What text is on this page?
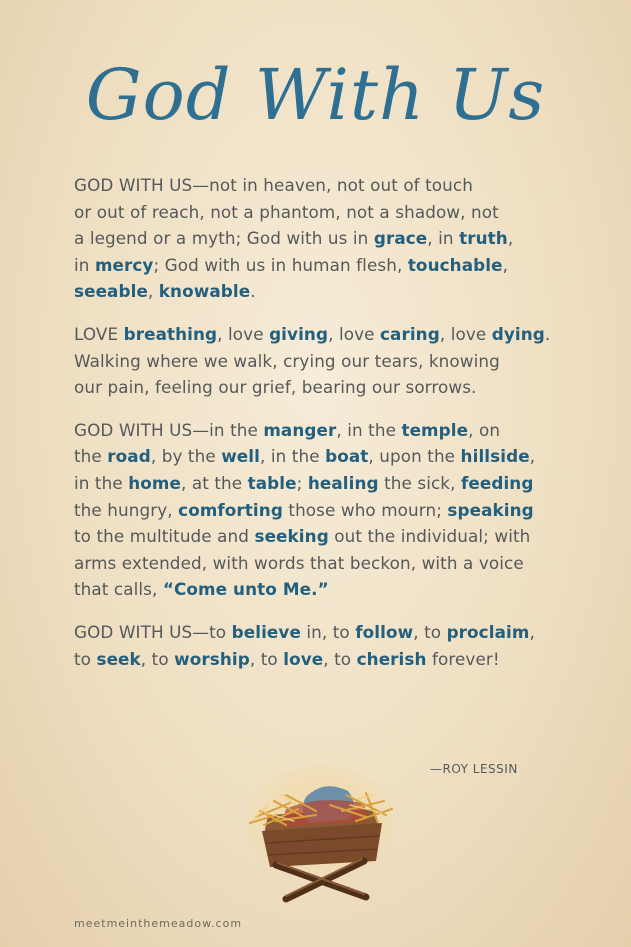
God With Us

GOD WITH US—not in heaven, not out of touch
or out of reach, not a phantom, not a shadow, not
a legend or a myth; God with us in grace, in truth,
in mercy; God with us in human flesh, touchable,
seeable, knowable.

LOVE breathing, love giving, love caring, love dying.
Walking where we walk, crying our tears, knowing
our pain, feeling our grief, bearing our sorrows.

GOD WITH US—in the manger, in the temple, on
the road, by the well, in the boat, upon the hillside,
in the home, at the table; healing the sick, feeding
the hungry, comforting those who mourn; speaking
to the multitude and seeking out the individual; with
arms extended, with words that beckon, with a voice
that calls, “Come unto Me.”

GOD WITH US—to believe in, to follow, to proclaim,
to seek, to worship, to love, to cherish forever!

—ROY LESSIN
meetmeinthemeadow.com
